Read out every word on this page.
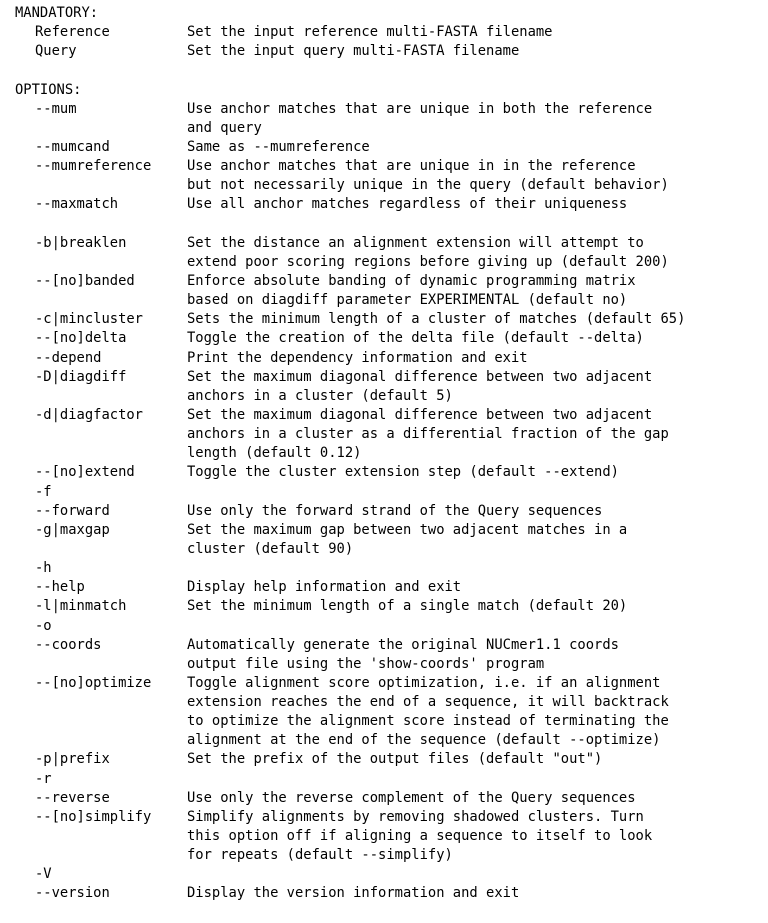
MANDATORY:
Reference	Set the input reference multi-FASTA filename
Query	Set the input query multi-FASTA filename
OPTIONS:
--mum	Use anchor matches that are unique in both the reference
and query
--mumcand	Same as --mumreference
--mumreference	Use anchor matches that are unique in in the reference
but not necessarily unique in the query (default behavior)
--maxmatch	Use all anchor matches regardless of their uniqueness
-b|breaklen	Set the distance an alignment extension will attempt to
extend poor scoring regions before giving up (default 200)
--[no]banded	Enforce absolute banding of dynamic programming matrix
based on diagdiff parameter EXPERIMENTAL (default no)
-c|mincluster	Sets the minimum length of a cluster of matches (default 65)
--[no]delta	Toggle the creation of the delta file (default --delta)
--depend	Print the dependency information and exit
-D|diagdiff	Set the maximum diagonal difference between two adjacent
anchors in a cluster (default 5)
-d|diagfactor	Set the maximum diagonal difference between two adjacent
anchors in a cluster as a differential fraction of the gap
length (default 0.12)
--[no]extend	Toggle the cluster extension step (default --extend)
-f
--forward	Use only the forward strand of the Query sequences
-g|maxgap	Set the maximum gap between two adjacent matches in a
cluster (default 90)
-h
--help	Display help information and exit
-l|minmatch	Set the minimum length of a single match (default 20)
-o
--coords	Automatically generate the original NUCmer1.1 coords
output file using the 'show-coords' program
--[no]optimize	Toggle alignment score optimization, i.e. if an alignment
extension reaches the end of a sequence, it will backtrack
to optimize the alignment score instead of terminating the
alignment at the end of the sequence (default --optimize)
-p|prefix	Set the prefix of the output files (default "out")
-r
--reverse	Use only the reverse complement of the Query sequences
--[no]simplify	Simplify alignments by removing shadowed clusters. Turn
this option off if aligning a sequence to itself to look
for repeats (default --simplify)
-V
--version	Display the version information and exit
